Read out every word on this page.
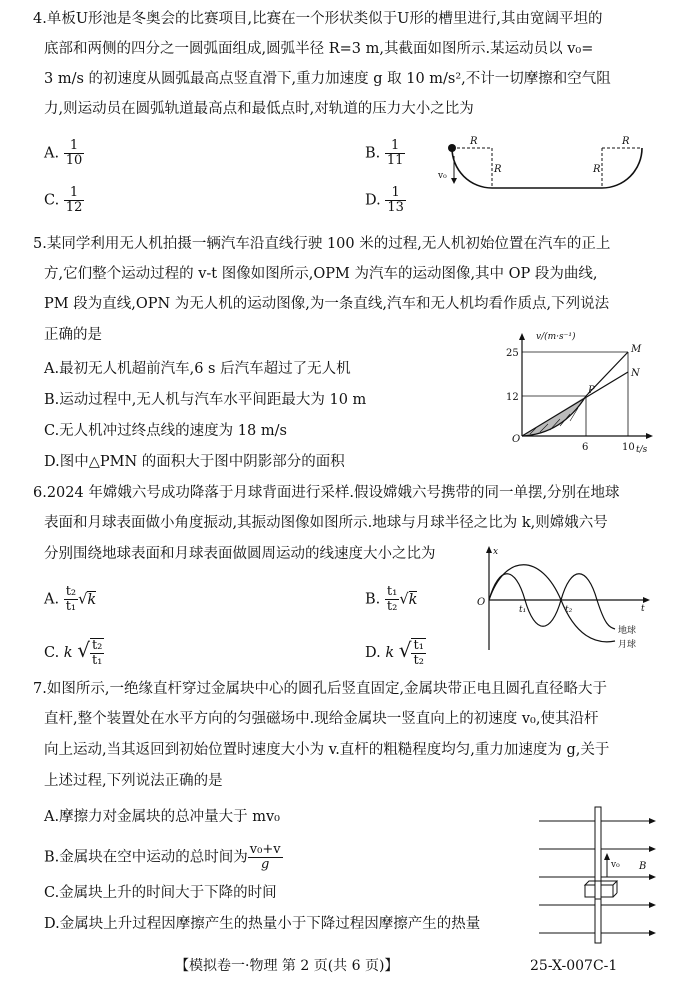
4.单板U形池是冬奥会的比赛项目,比赛在一个形状类似于U形的槽里进行,其由宽阔平坦的
底部和两侧的四分之一圆弧面组成,圆弧半径 R=3 m,其截面如图所示.某运动员以 v₀=
3 m/s 的初速度从圆弧最高点竖直滑下,重力加速度 g 取 10 m/s²,不计一切摩擦和空气阻
力,则运动员在圆弧轨道最高点和最低点时,对轨道的压力大小之比为
A. $\frac{1}{10}$	B. $\frac{1}{11}$
C. $\frac{1}{12}$	D. $\frac{1}{13}$
v₀
R
R
R
R
5.某同学利用无人机拍摄一辆汽车沿直线行驶 100 米的过程,无人机初始位置在汽车的正上
方,它们整个运动过程的 v-t 图像如图所示,OPM 为汽车的运动图像,其中 OP 段为曲线,
PM 段为直线,OPN 为无人机的运动图像,为一条直线,汽车和无人机均看作质点,下列说法
正确的是
A.最初无人机超前汽车,6 s 后汽车超过了无人机
B.运动过程中,无人机与汽车水平间距最大为 10 m
C.无人机冲过终点线的速度为 18 m/s
D.图中△PMN 的面积大于图中阴影部分的面积
v/(m·s⁻¹)
t/s
25
12
6	10
O
P
M
N
6.2024 年嫦娥六号成功降落于月球背面进行采样.假设嫦娥六号携带的同一单摆,分别在地球
表面和月球表面做小角度振动,其振动图像如图所示.地球与月球半径之比为 k,则嫦娥六号
分别围绕地球表面和月球表面做圆周运动的线速度大小之比为
A. $\frac{\text{t₂}}{\text{t₁}} √k$	B. $\frac{\text{t₁}}{\text{t₂}} √k$
C. k √ $\frac{\text{t₂}}{\text{t₁}}$	D. k √ $\frac{\text{t₁}}{\text{t₂}}$
x
t
O
t₁	t₂
地球
月球
7.如图所示,一绝缘直杆穿过金属块中心的圆孔后竖直固定,金属块带正电且圆孔直径略大于
直杆,整个装置处在水平方向的匀强磁场中.现给金属块一竖直向上的初速度 v₀,使其沿杆
向上运动,当其返回到初始位置时速度大小为 v.直杆的粗糙程度均匀,重力加速度为 g,关于
上述过程,下列说法正确的是
A.摩擦力对金属块的总冲量大于 mv₀
B.金属块在空中运动的总时间为 $\frac{\text{v₀+v}}{g}$
C.金属块上升的时间大于下降的时间
D.金属块上升过程因摩擦产生的热量小于下降过程因摩擦产生的热量
v₀ B
【模拟卷一·物理 第 2 页(共 6 页)】	25-X-007C-1
